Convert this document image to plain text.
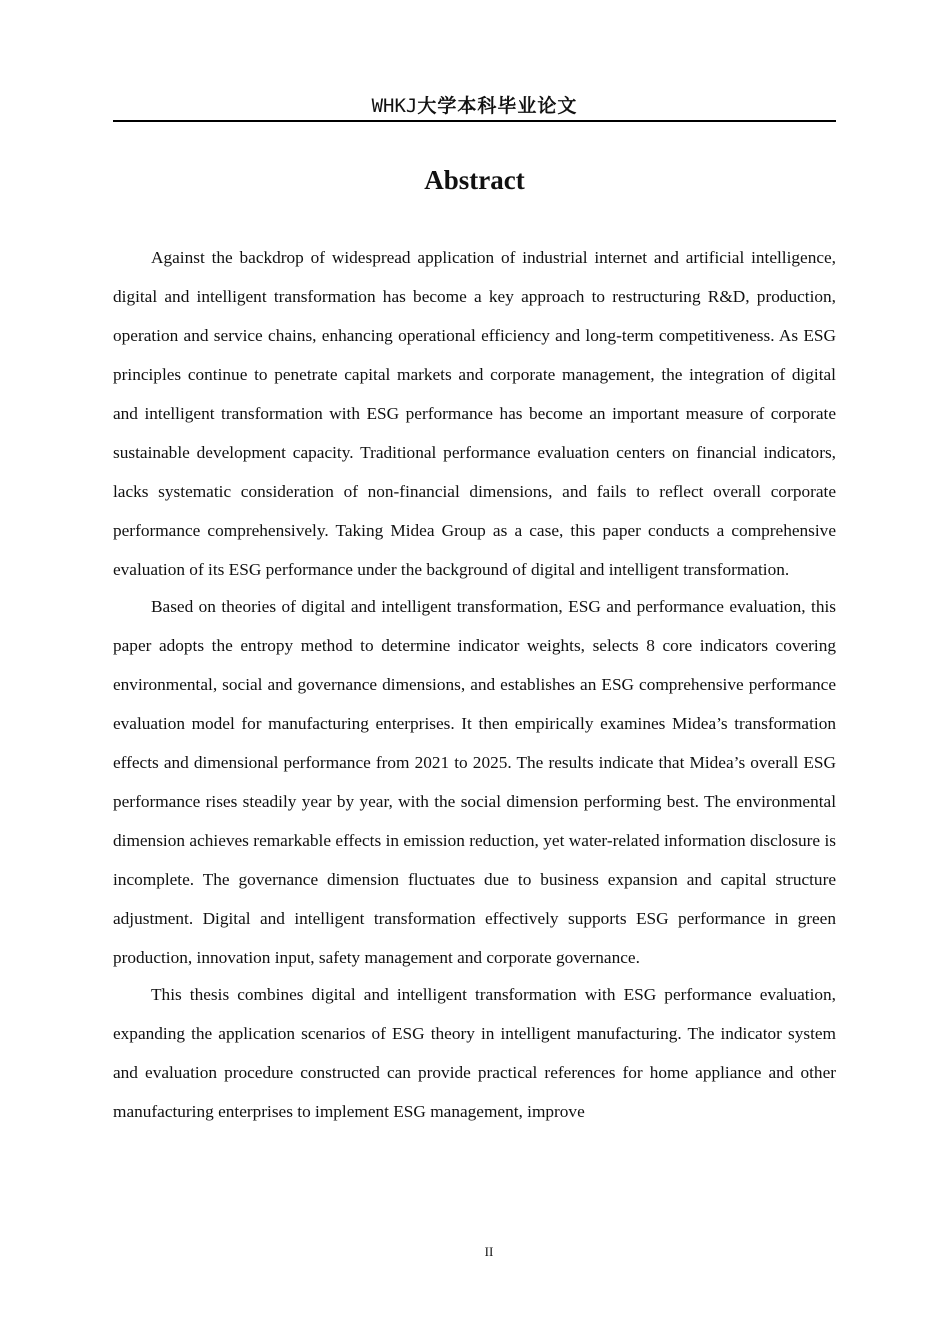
WHKJ大学本科毕业论文
Abstract

Against the backdrop of widespread application of industrial internet and artificial intelligence, digital and intelligent transformation has become a key approach to restructuring R&D, production, operation and service chains, enhancing operational efficiency and long-term competitiveness. As ESG principles continue to penetrate capital markets and corporate management, the integration of digital and intelligent transformation with ESG performance has become an important measure of corporate sustainable development capacity. Traditional performance evaluation centers on financial indicators, lacks systematic consideration of non-financial dimensions, and fails to reflect overall corporate performance comprehensively. Taking Midea Group as a case, this paper conducts a comprehensive evaluation of its ESG performance under the background of digital and intelligent transformation.

Based on theories of digital and intelligent transformation, ESG and performance evaluation, this paper adopts the entropy method to determine indicator weights, selects 8 core indicators covering environmental, social and governance dimensions, and establishes an ESG comprehensive performance evaluation model for manufacturing enterprises. It then empirically examines Midea’s transformation effects and dimensional performance from 2021 to 2025. The results indicate that Midea’s overall ESG performance rises steadily year by year, with the social dimension performing best. The environmental dimension achieves remarkable effects in emission reduction, yet water-related information disclosure is incomplete. The governance dimension fluctuates due to business expansion and capital structure adjustment. Digital and intelligent transformation effectively supports ESG performance in green production, innovation input, safety management and corporate governance.

This thesis combines digital and intelligent transformation with ESG performance evaluation, expanding the application scenarios of ESG theory in intelligent manufacturing. The indicator system and evaluation procedure constructed can provide practical references for home appliance and other manufacturing enterprises to implement ESG management, improve

II
